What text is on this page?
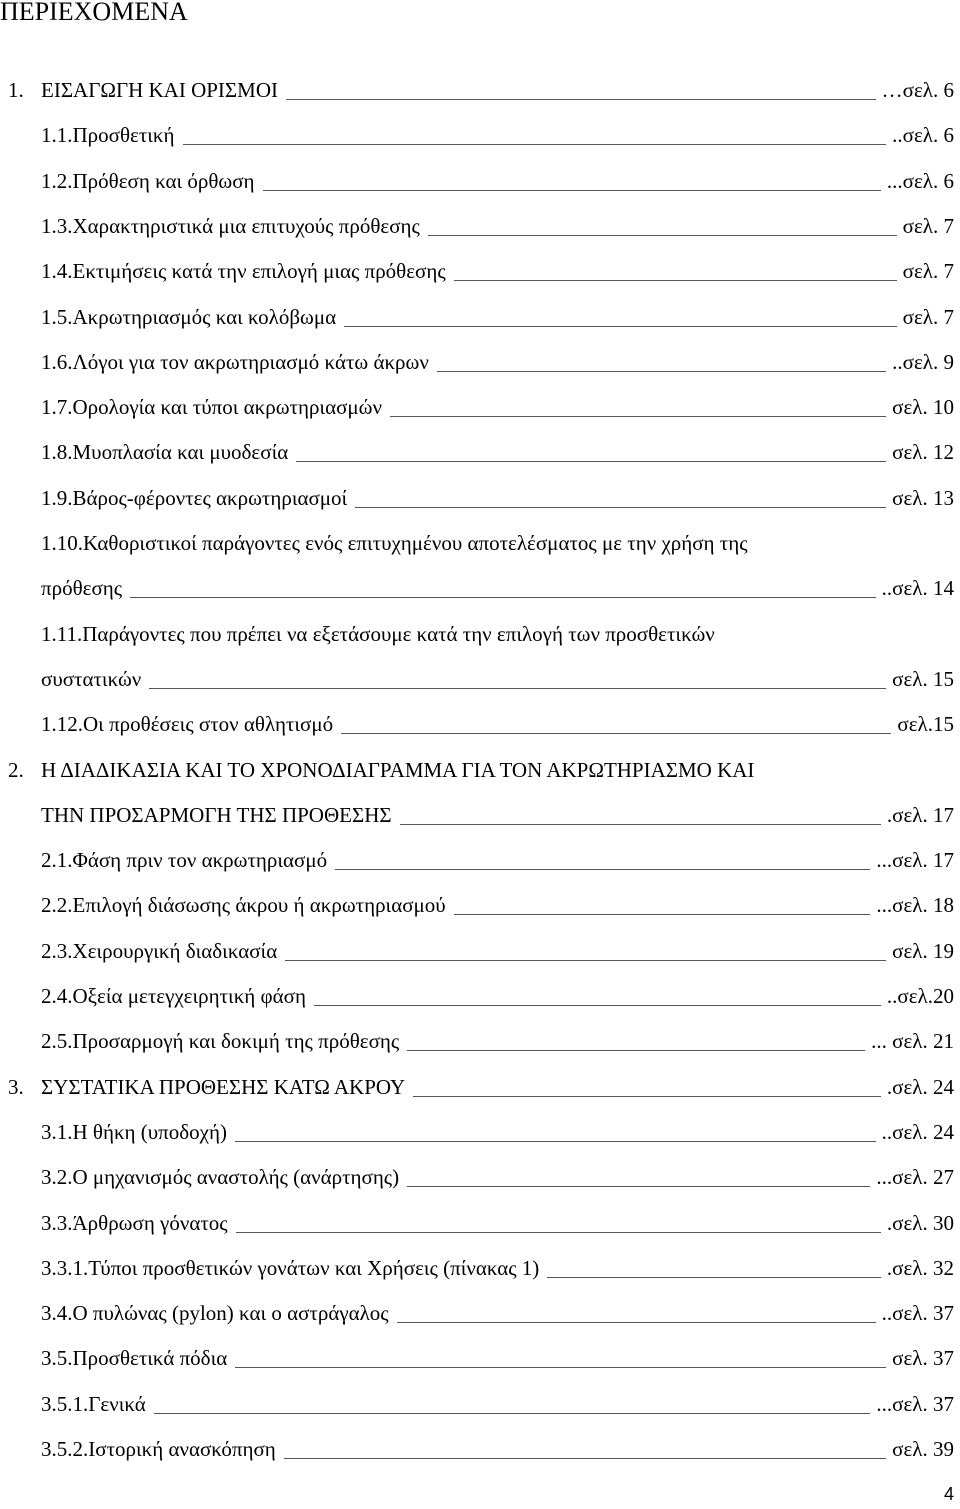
ΠΕΡΙΕΧΟΜΕΝΑ
1. ΕΙΣΑΓΩΓΗ ΚΑΙ ΟΡΙΣΜΟΙ	…σελ. 6
1.1.Προσθετική	..σελ. 6
1.2.Πρόθεση και όρθωση	...σελ. 6
1.3.Χαρακτηριστικά μια επιτυχούς πρόθεσης	σελ. 7
1.4.Εκτιμήσεις κατά την επιλογή μιας πρόθεσης	σελ. 7
1.5.Ακρωτηριασμός και κολόβωμα	σελ. 7
1.6.Λόγοι για τον ακρωτηριασμό κάτω άκρων	..σελ. 9
1.7.Ορολογία και τύποι ακρωτηριασμών	σελ. 10
1.8.Μυοπλασία και μυοδεσία	σελ. 12
1.9.Βάρος-φέροντες ακρωτηριασμοί	σελ. 13
1.10.Καθοριστικοί παράγοντες ενός επιτυχημένου αποτελέσματος με την χρήση της
πρόθεσης	..σελ. 14
1.11.Παράγοντες που πρέπει να εξετάσουμε κατά την επιλογή των προσθετικών
συστατικών	σελ. 15
1.12.Οι προθέσεις στον αθλητισμό	σελ.15
2. Η ΔΙΑΔΙΚΑΣΙΑ ΚΑΙ ΤΟ ΧΡΟΝΟΔΙΑΓΡΑΜΜΑ ΓΙΑ ΤΟΝ ΑΚΡΩΤΗΡΙΑΣΜΟ ΚΑΙ
ΤΗΝ ΠΡΟΣΑΡΜΟΓΗ ΤΗΣ ΠΡΟΘΕΣΗΣ	.σελ. 17
2.1.Φάση πριν τον ακρωτηριασμό	...σελ. 17
2.2.Επιλογή διάσωσης άκρου ή ακρωτηριασμού	...σελ. 18
2.3.Χειρουργική διαδικασία	σελ. 19
2.4.Οξεία μετεγχειρητική φάση	..σελ.20
2.5.Προσαρμογή και δοκιμή της πρόθεσης	... σελ. 21
3. ΣΥΣΤΑΤΙΚΑ ΠΡΟΘΕΣΗΣ ΚΑΤΩ ΑΚΡΟΥ	.σελ. 24
3.1.Η θήκη (υποδοχή)	..σελ. 24
3.2.Ο μηχανισμός αναστολής (ανάρτησης)	...σελ. 27
3.3.Άρθρωση γόνατος	.σελ. 30
3.3.1.Τύποι προσθετικών γονάτων και Χρήσεις (πίνακας 1)	.σελ. 32
3.4.Ο πυλώνας (pylon) και ο αστράγαλος	..σελ. 37
3.5.Προσθετικά πόδια	σελ. 37
3.5.1.Γενικά	...σελ. 37
3.5.2.Ιστορική ανασκόπηση	σελ. 39
4
